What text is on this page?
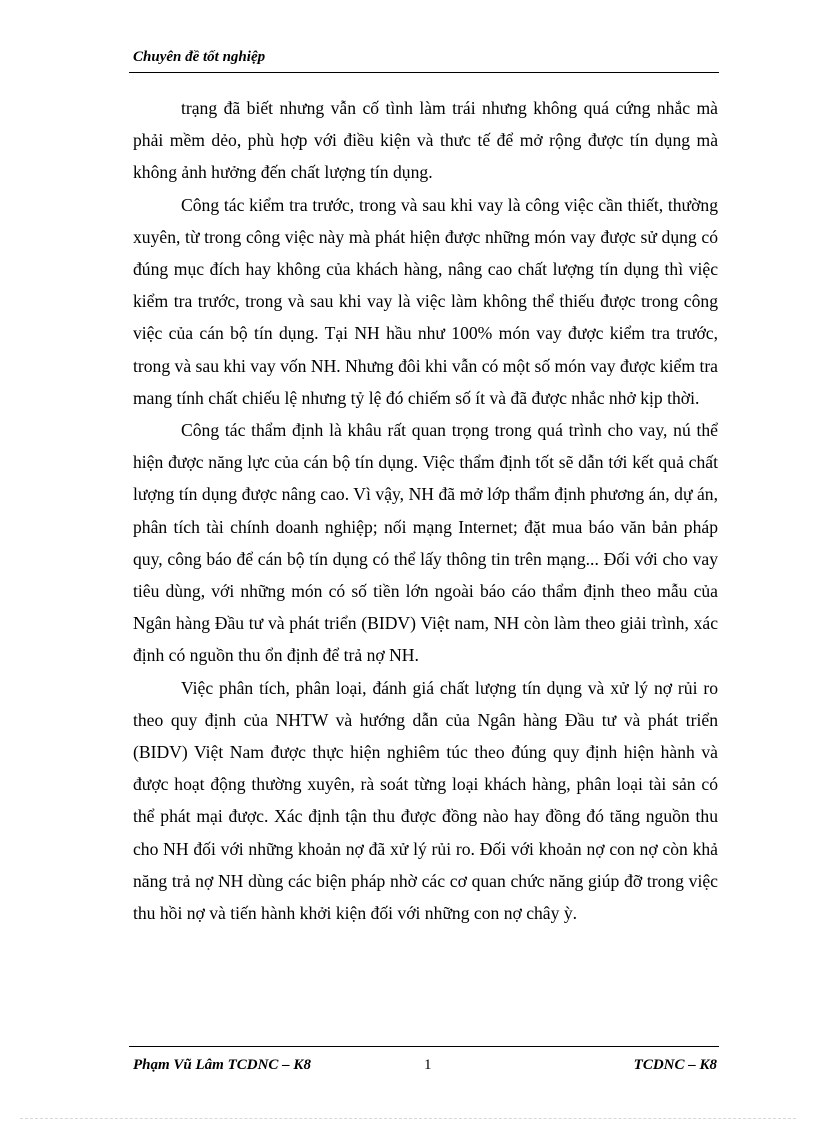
Chuyên đề tốt nghiệp

trạng đã biết nhưng vẫn cố tình làm trái nhưng không quá cứng nhắc mà phải mềm dẻo, phù hợp với điều kiện và thưc tế để mở rộng được tín dụng mà không ảnh hưởng đến chất lượng tín dụng.

Công tác kiểm tra trước, trong và sau khi vay là công việc cần thiết, thường xuyên, từ trong công việc này mà phát hiện được những món vay được sử dụng có đúng mục đích hay không của khách hàng, nâng cao chất lượng tín dụng thì việc kiểm tra trước, trong và sau khi vay là việc làm không thể thiếu được trong công việc của cán bộ tín dụng. Tại NH hầu như 100% món vay được kiểm tra trước, trong và sau khi vay vốn NH. Nhưng đôi khi vẫn có một số món vay được kiểm tra mang tính chất chiếu lệ nhưng tỷ lệ đó chiếm số ít và đã được nhắc nhở kịp thời.

Công tác thẩm định là khâu rất quan trọng trong quá trình cho vay, nú thể hiện được năng lực của cán bộ tín dụng. Việc thẩm định tốt sẽ dẫn tới kết quả chất lượng tín dụng được nâng cao. Vì vậy, NH đã mở lớp thẩm định phương án, dự án, phân tích tài chính doanh nghiệp; nối mạng Internet; đặt mua báo văn bản pháp quy, công báo để cán bộ tín dụng có thể lấy thông tin trên mạng... Đối với cho vay tiêu dùng, với những món có số tiền lớn ngoài báo cáo thẩm định theo mẫu của Ngân hàng Đầu tư và phát triển (BIDV) Việt nam, NH còn làm theo giải trình, xác định có nguồn thu ổn định để trả nợ NH.

Việc phân tích, phân loại, đánh giá chất lượng tín dụng và xử lý nợ rủi ro theo quy định của NHTW và hướng dẫn của Ngân hàng Đầu tư và phát triển (BIDV) Việt Nam được thực hiện nghiêm túc theo đúng quy định hiện hành và được hoạt động thường xuyên, rà soát từng loại khách hàng, phân loại tài sản có thể phát mại được. Xác định tận thu được đồng nào hay đồng đó tăng nguồn thu cho NH đối với những khoản nợ đã xử lý rủi ro. Đối với khoản nợ con nợ còn khả năng trả nợ NH dùng các biện pháp nhờ các cơ quan chức năng giúp đỡ trong việc thu hồi nợ và tiến hành khởi kiện đối với những con nợ chây ỳ.

Phạm Vũ Lâm TCDNC – K8	1	TCDNC – K8
